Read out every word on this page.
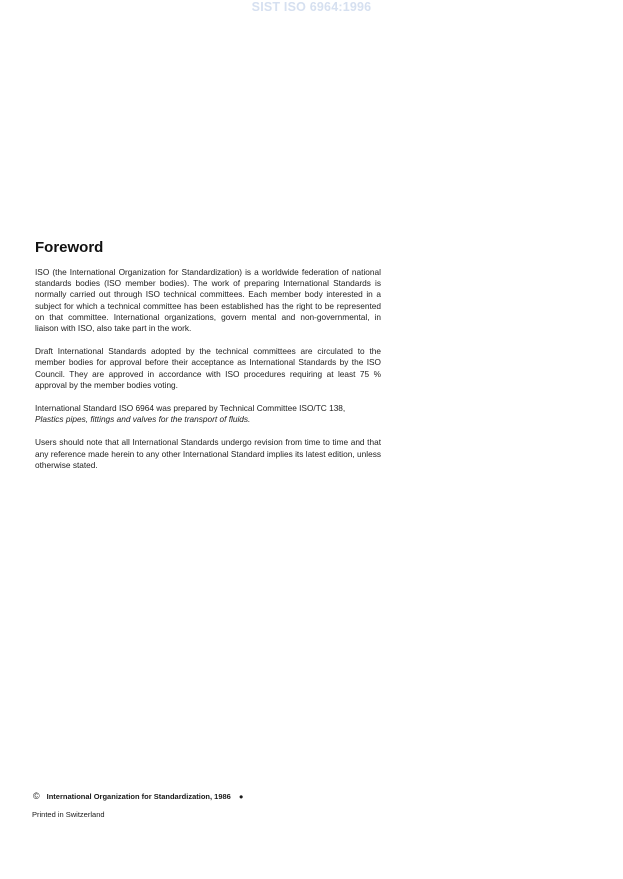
SIST ISO 6964:1996
Foreword

ISO (the International Organization for Standardization) is a worldwide federation of national standards bodies (ISO member bodies). The work of preparing International Standards is normally carried out through ISO technical committees. Each member body interested in a subject for which a technical committee has been established has the right to be represented on that committee. International organizations, govern mental and non-governmental, in liaison with ISO, also take part in the work.

Draft International Standards adopted by the technical committees are circulated to the member bodies for approval before their acceptance as International Standards by the ISO Council. They are approved in accordance with ISO procedures requiring at least 75 % approval by the member bodies voting.

International Standard ISO 6964 was prepared by Technical Committee ISO/TC 138,
Plastics pipes, fittings and valves for the transport of fluids.

Users should note that all International Standards undergo revision from time to time and that any reference made herein to any other International Standard implies its latest edition, unless otherwise stated.

© International Organization for Standardization, 1986 ●
Printed in Switzerland
